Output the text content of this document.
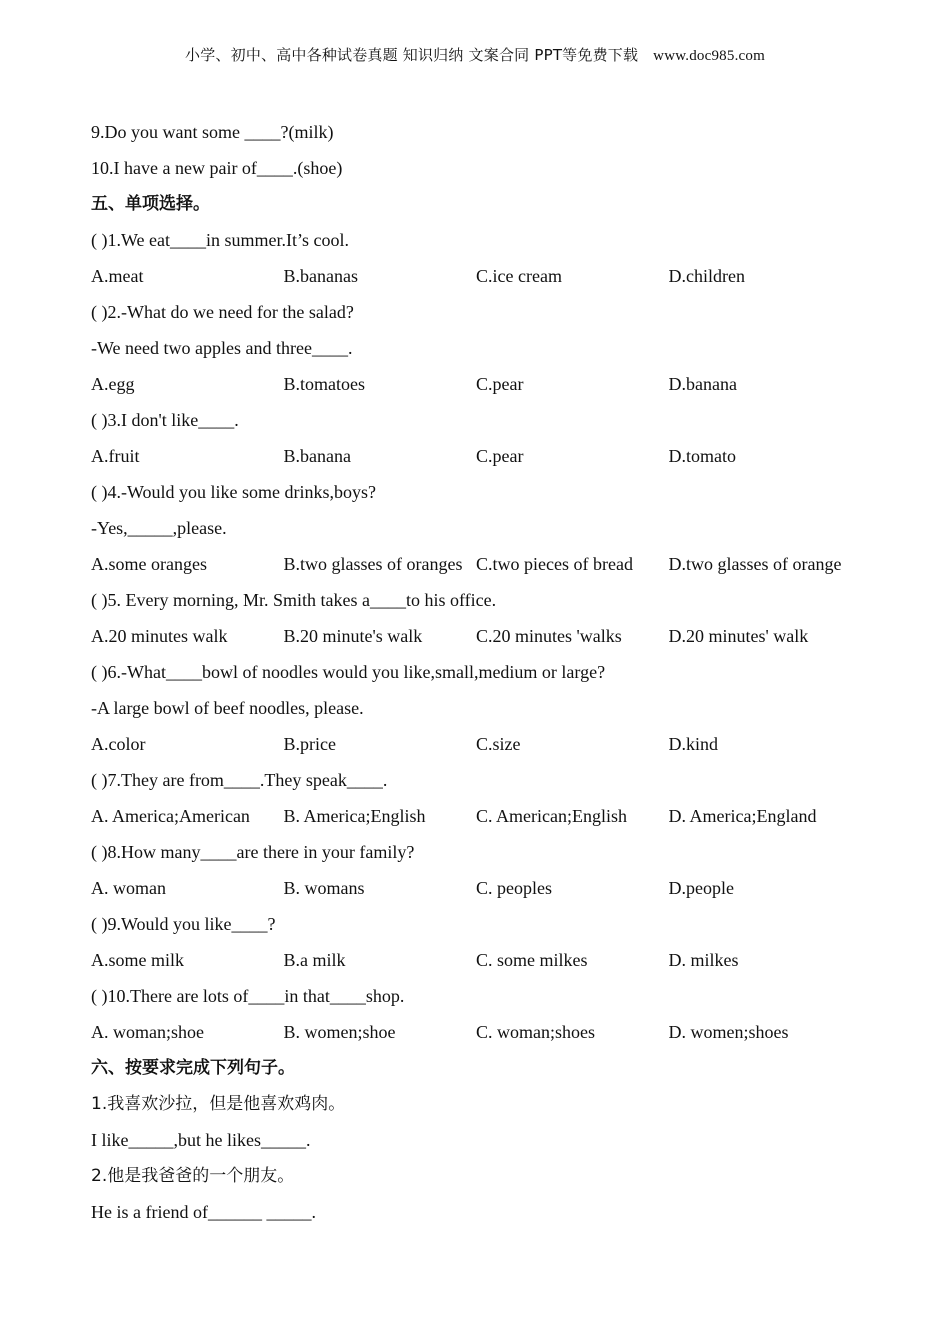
小学、初中、高中各种试卷真题 知识归纳 文案合同 PPT等免费下载 www.doc985.com
9.Do you want some ____?(milk)
10.I have a new pair of____.(shoe)
五、单项选择。
( )1.We eat____in summer.It’s cool.
A.meat	B.bananas	C.ice cream	D.children
( )2.-What do we need for the salad?
-We need two apples and three____.
A.egg	B.tomatoes	C.pear	D.banana
( )3.I don't like____.
A.fruit	B.banana	C.pear	D.tomato
( )4.-Would you like some drinks,boys?
-Yes,_____,please.
A.some oranges	B.two glasses of oranges C.two pieces of bread	D.two glasses of orange
( )5. Every morning, Mr. Smith takes a____to his office.
A.20 minutes walk	B.20 minute's walk	C.20 minutes 'walks	D.20 minutes' walk
( )6.-What____bowl of noodles would you like,small,medium or large?
-A large bowl of beef noodles, please.
A.color	B.price	C.size	D.kind
( )7.They are from____.They speak____.
A. America;American	B. America;English	C. American;English	D. America;England
( )8.How many____are there in your family?
A. woman	B. womans	C. peoples	D.people
( )9.Would you like____?
A.some milk	B.a milk	C. some milkes	D. milkes
( )10.There are lots of____in that____shop.
A. woman;shoe	B. women;shoe	C. woman;shoes	D. women;shoes
六、按要求完成下列句子。
1.我喜欢沙拉，但是他喜欢鸡肉。
I like_____,but he likes_____.
2.他是我爸爸的一个朋友。
He is a friend of______ _____.
